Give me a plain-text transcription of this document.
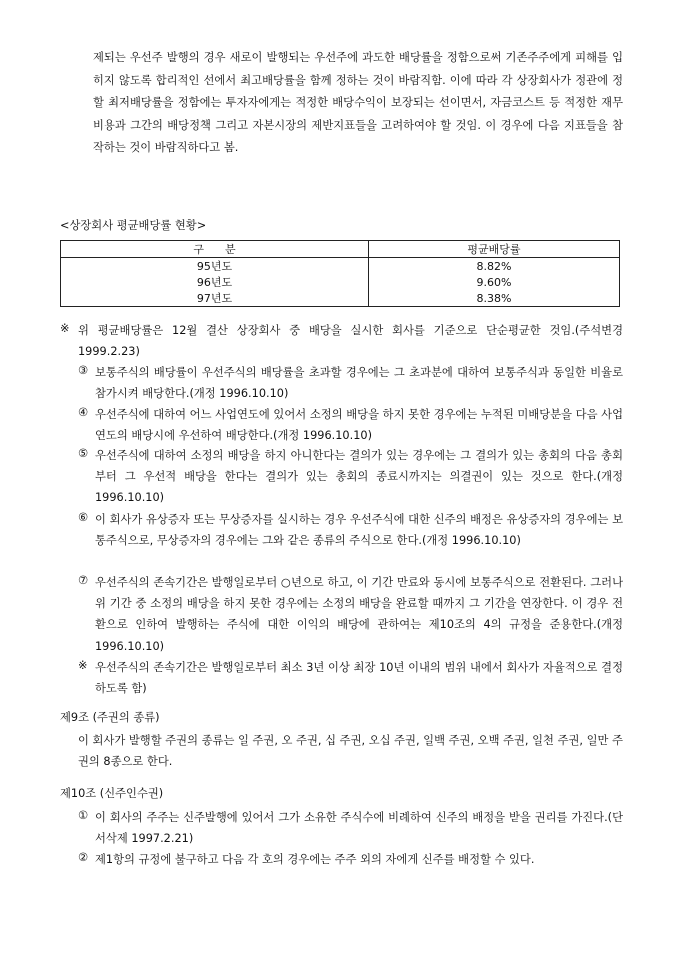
제되는 우선주 발행의 경우 새로이 발행되는 우선주에 과도한 배당률을 정함으로써 기존주주에게 피해를 입히지 않도록 합리적인 선에서 최고배당률을 함께 정하는 것이 바람직함. 이에 따라 각 상장회사가 정관에 정할 최저배당률을 정함에는 투자자에게는 적정한 배당수익이 보장되는 선이면서, 자금코스트 등 적정한 재무비용과 그간의 배당정책 그리고 자본시장의 제반지표들을 고려하여야 할 것임. 이 경우에 다음 지표들을 참작하는 것이 바람직하다고 봄.

<상장회사 평균배당률 현황>

구      분	평균배당률
95년도	8.82%
96년도	9.60%
97년도	8.38%
※ 위 평균배당률은 12월 결산 상장회사 중 배당을 실시한 회사를 기준으로 단순평균한 것임.(주석변경 1999.2.23)

③ 보통주식의 배당률이 우선주식의 배당률을 초과할 경우에는 그 초과분에 대하여 보통주식과 동일한 비율로 참가시켜 배당한다.(개정 1996.10.10)

④ 우선주식에 대하여 어느 사업연도에 있어서 소정의 배당을 하지 못한 경우에는 누적된 미배당분을 다음 사업연도의 배당시에 우선하여 배당한다.(개정 1996.10.10)

⑤ 우선주식에 대하여 소정의 배당을 하지 아니한다는 결의가 있는 경우에는 그 결의가 있는 총회의 다음 총회부터 그 우선적 배당을 한다는 결의가 있는 총회의 종료시까지는 의결권이 있는 것으로 한다.(개정 1996.10.10)

⑥ 이 회사가 유상증자 또는 무상증자를 실시하는 경우 우선주식에 대한 신주의 배정은 유상증자의 경우에는 보통주식으로, 무상증자의 경우에는 그와 같은 종류의 주식으로 한다.(개정 1996.10.10)

⑦ 우선주식의 존속기간은 발행일로부터 ○년으로 하고, 이 기간 만료와 동시에 보통주식으로 전환된다. 그러나 위 기간 중 소정의 배당을 하지 못한 경우에는 소정의 배당을 완료할 때까지 그 기간을 연장한다. 이 경우 전환으로 인하여 발행하는 주식에 대한 이익의 배당에 관하여는 제10조의 4의 규정을 준용한다.(개정 1996.10.10)

※ 우선주식의 존속기간은 발행일로부터 최소 3년 이상 최장 10년 이내의 범위 내에서 회사가 자율적으로 결정하도록 함)

제9조 (주권의 종류)

이 회사가 발행할 주권의 종류는 일 주권, 오 주권, 십 주권, 오십 주권, 일백 주권, 오백 주권, 일천 주권, 일만 주권의 8종으로 한다.

제10조 (신주인수권)

① 이 회사의 주주는 신주발행에 있어서 그가 소유한 주식수에 비례하여 신주의 배정을 받을 권리를 가진다.(단서삭제 1997.2.21)

② 제1항의 규정에 불구하고 다음 각 호의 경우에는 주주 외의 자에게 신주를 배정할 수 있다.
